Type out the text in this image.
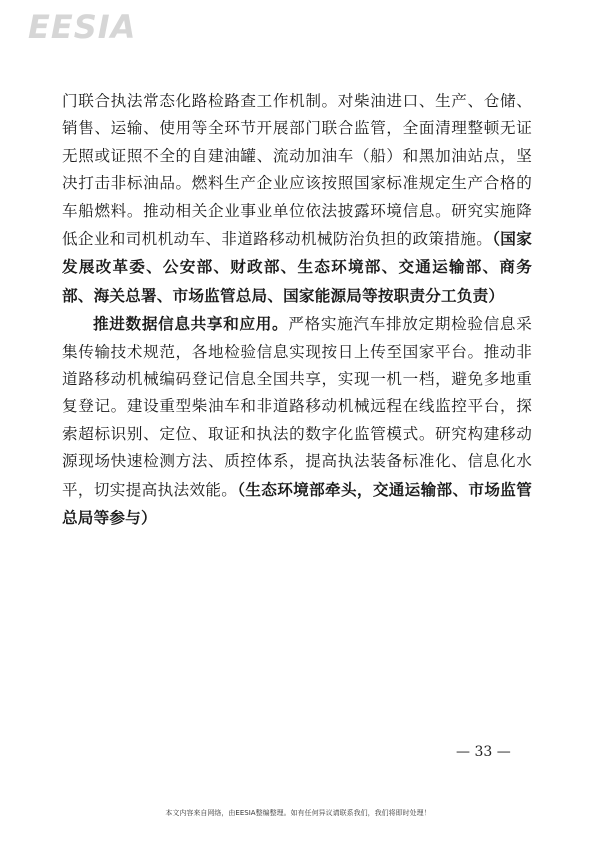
EESIA

门联合执法常态化路检路查工作机制。对柴油进口、生产、仓储、销售、运输、使用等全环节开展部门联合监管，全面清理整顿无证无照或证照不全的自建油罐、流动加油车（船）和黑加油站点，坚决打击非标油品。燃料生产企业应该按照国家标准规定生产合格的车船燃料。推动相关企业事业单位依法披露环境信息。研究实施降低企业和司机机动车、非道路移动机械防治负担的政策措施。（国家发展改革委、公安部、财政部、生态环境部、交通运输部、商务部、海关总署、市场监管总局、国家能源局等按职责分工负责）

推进数据信息共享和应用。严格实施汽车排放定期检验信息采集传输技术规范，各地检验信息实现按日上传至国家平台。推动非道路移动机械编码登记信息全国共享，实现一机一档，避免多地重复登记。建设重型柴油车和非道路移动机械远程在线监控平台，探索超标识别、定位、取证和执法的数字化监管模式。研究构建移动源现场快速检测方法、质控体系，提高执法装备标准化、信息化水平，切实提高执法效能。（生态环境部牵头，交通运输部、市场监管总局等参与）

— 33 —
本文内容来自网络，由EESIA整编整理。如有任何异议请联系我们，我们将即时处理！
